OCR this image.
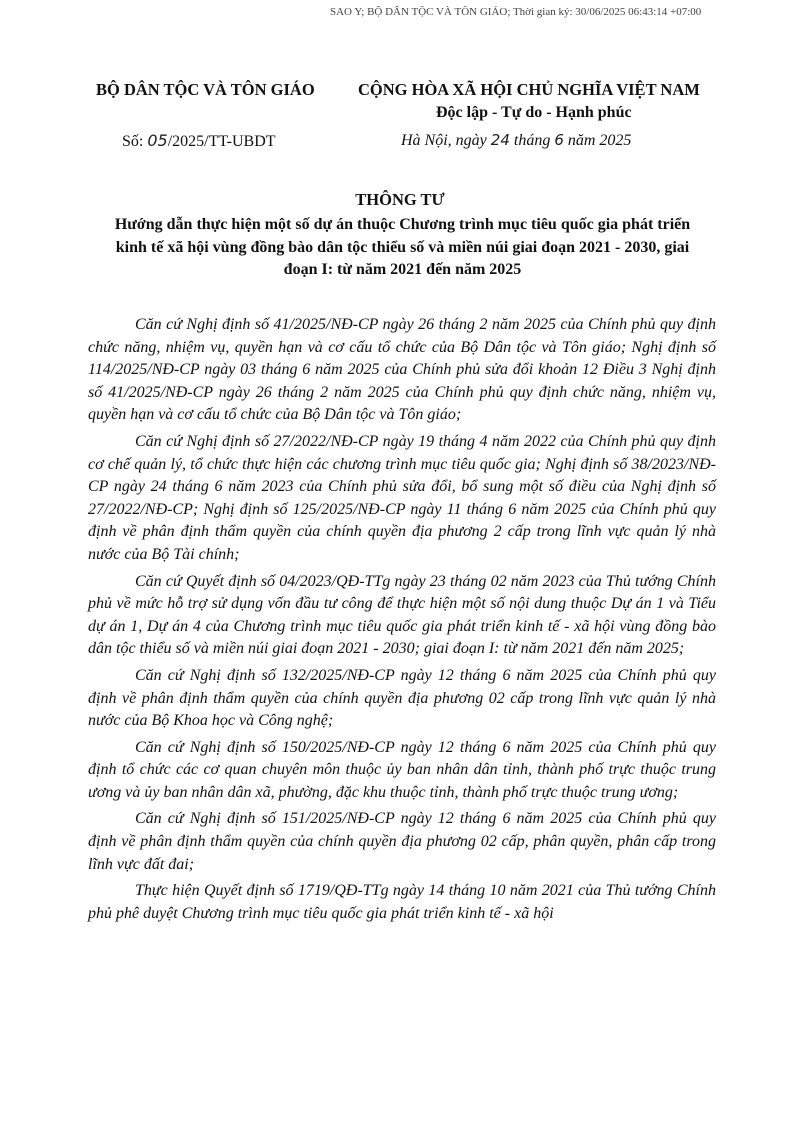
SAO Y; BỘ DÂN TỘC VÀ TÔN GIÁO; Thời gian ký: 30/06/2025 06:43:14 +07:00
BỘ DÂN TỘC VÀ TÔN GIÁO	CỘNG HÒA XÃ HỘI CHỦ NGHĨA VIỆT NAM
Độc lập - Tự do - Hạnh phúc
Số: 05/2025/TT-UBDT	Hà Nội, ngày 24 tháng 6 năm 2025
THÔNG TƯ
Hướng dẫn thực hiện một số dự án thuộc Chương trình mục tiêu quốc gia phát triển kinh tế xã hội vùng đồng bào dân tộc thiểu số và miền núi giai đoạn 2021 - 2030, giai đoạn I: từ năm 2021 đến năm 2025

Căn cứ Nghị định số 41/2025/NĐ-CP ngày 26 tháng 2 năm 2025 của Chính phủ quy định chức năng, nhiệm vụ, quyền hạn và cơ cấu tổ chức của Bộ Dân tộc và Tôn giáo; Nghị định số 114/2025/NĐ-CP ngày 03 tháng 6 năm 2025 của Chính phủ sửa đổi khoản 12 Điều 3 Nghị định số 41/2025/NĐ-CP ngày 26 tháng 2 năm 2025 của Chính phủ quy định chức năng, nhiệm vụ, quyền hạn và cơ cấu tổ chức của Bộ Dân tộc và Tôn giáo;

Căn cứ Nghị định số 27/2022/NĐ-CP ngày 19 tháng 4 năm 2022 của Chính phủ quy định cơ chế quản lý, tổ chức thực hiện các chương trình mục tiêu quốc gia; Nghị định số 38/2023/NĐ-CP ngày 24 tháng 6 năm 2023 của Chính phủ sửa đổi, bổ sung một số điều của Nghị định số 27/2022/NĐ-CP; Nghị định số 125/2025/NĐ-CP ngày 11 tháng 6 năm 2025 của Chính phủ quy định về phân định thẩm quyền của chính quyền địa phương 2 cấp trong lĩnh vực quản lý nhà nước của Bộ Tài chính;

Căn cứ Quyết định số 04/2023/QĐ-TTg ngày 23 tháng 02 năm 2023 của Thủ tướng Chính phủ về mức hỗ trợ sử dụng vốn đầu tư công để thực hiện một số nội dung thuộc Dự án 1 và Tiểu dự án 1, Dự án 4 của Chương trình mục tiêu quốc gia phát triển kinh tế - xã hội vùng đồng bào dân tộc thiểu số và miền núi giai đoạn 2021 - 2030; giai đoạn I: từ năm 2021 đến năm 2025;

Căn cứ Nghị định số 132/2025/NĐ-CP ngày 12 tháng 6 năm 2025 của Chính phủ quy định về phân định thẩm quyền của chính quyền địa phương 02 cấp trong lĩnh vực quản lý nhà nước của Bộ Khoa học và Công nghệ;

Căn cứ Nghị định số 150/2025/NĐ-CP ngày 12 tháng 6 năm 2025 của Chính phủ quy định tổ chức các cơ quan chuyên môn thuộc ủy ban nhân dân tỉnh, thành phố trực thuộc trung ương và ủy ban nhân dân xã, phường, đặc khu thuộc tỉnh, thành phố trực thuộc trung ương;

Căn cứ Nghị định số 151/2025/NĐ-CP ngày 12 tháng 6 năm 2025 của Chính phủ quy định về phân định thẩm quyền của chính quyền địa phương 02 cấp, phân quyền, phân cấp trong lĩnh vực đất đai;

Thực hiện Quyết định số 1719/QĐ-TTg ngày 14 tháng 10 năm 2021 của Thủ tướng Chính phủ phê duyệt Chương trình mục tiêu quốc gia phát triển kinh tế - xã hội
